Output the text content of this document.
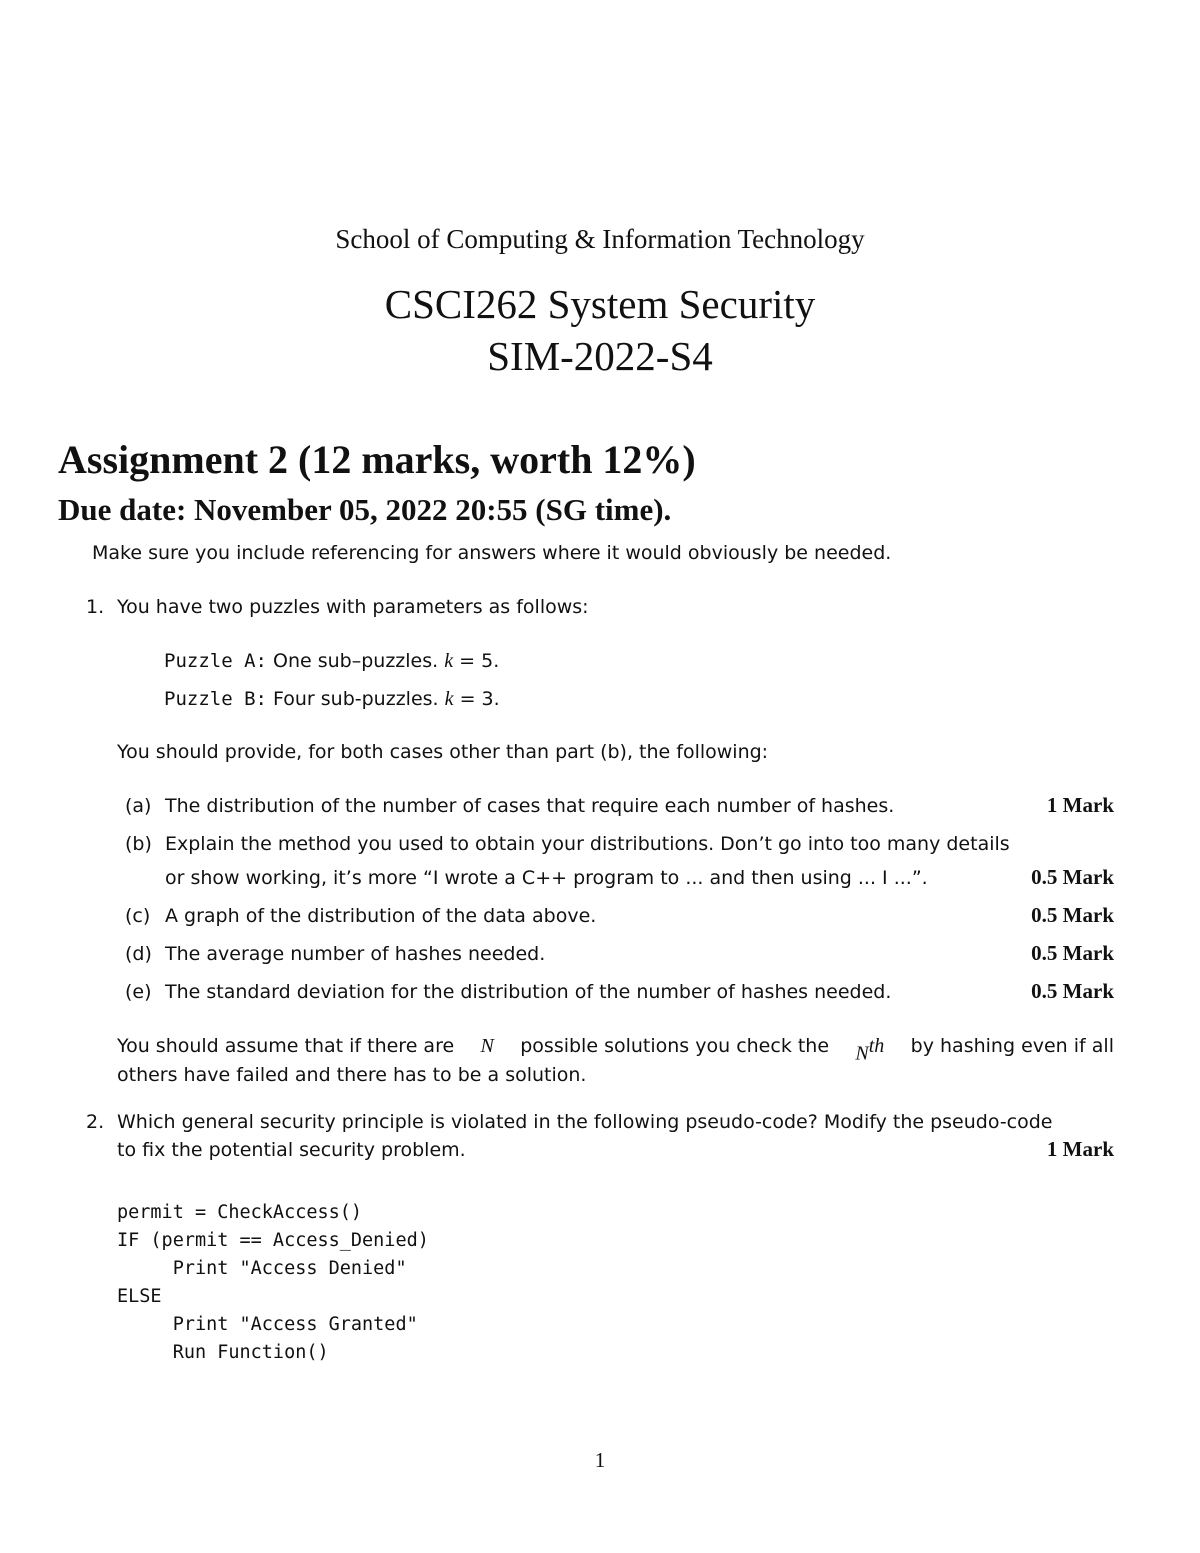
School of Computing & Information Technology
CSCI262 System Security
SIM-2022-S4
Assignment 2 (12 marks, worth 12%)
Due date: November 05, 2022 20:55 (SG time).
Make sure you include referencing for answers where it would obviously be needed.
1. You have two puzzles with parameters as follows:
Puzzle A: One sub–puzzles. k = 5.
Puzzle B: Four sub-puzzles. k = 3.
You should provide, for both cases other than part (b), the following:
(a) The distribution of the number of cases that require each number of hashes.	1 Mark
(b) Explain the method you used to obtain your distributions. Don’t go into too many details
or show working, it’s more “I wrote a C++ program to ... and then using ... I ...”.	0.5 Mark
(c) A graph of the distribution of the data above.	0.5 Mark
(d) The average number of hashes needed.	0.5 Mark
(e) The standard deviation for the distribution of the number of hashes needed.	0.5 Mark
You should assume that if there are N possible solutions you check the $N^{th}$ by hashing even if all
others have failed and there has to be a solution.
2. Which general security principle is violated in the following pseudo-code? Modify the pseudo-code
to fix the potential security problem.	1 Mark
permit = CheckAccess()
IF (permit == Access_Denied)
Print "Access Denied"
ELSE
Print "Access Granted"
Run Function()
1
